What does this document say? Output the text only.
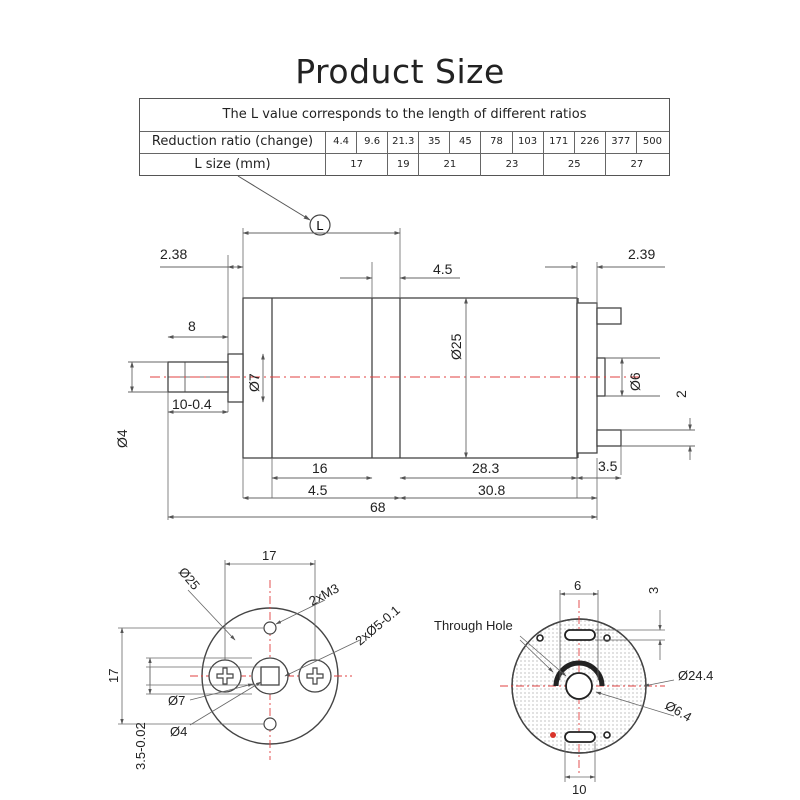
Product Size
The L value corresponds to the length of different ratios
Reduction ratio (change)	4.4	9.6	21.3	35	45	78	103	171	226	377	500
L size (mm)	17	19	21	23	25	27
L
2.38
4.5
2.39
8
10-0.4
16
4.5
28.3
30.8
3.5
68
Ø25
Ø7	Ø6
2
Ø4
17
Ø25
2xM3
2xØ5-0.1
17
Ø7
Ø4
3.5-0.02
Through Hole
6	3
Ø24.4
Ø6.4
10
